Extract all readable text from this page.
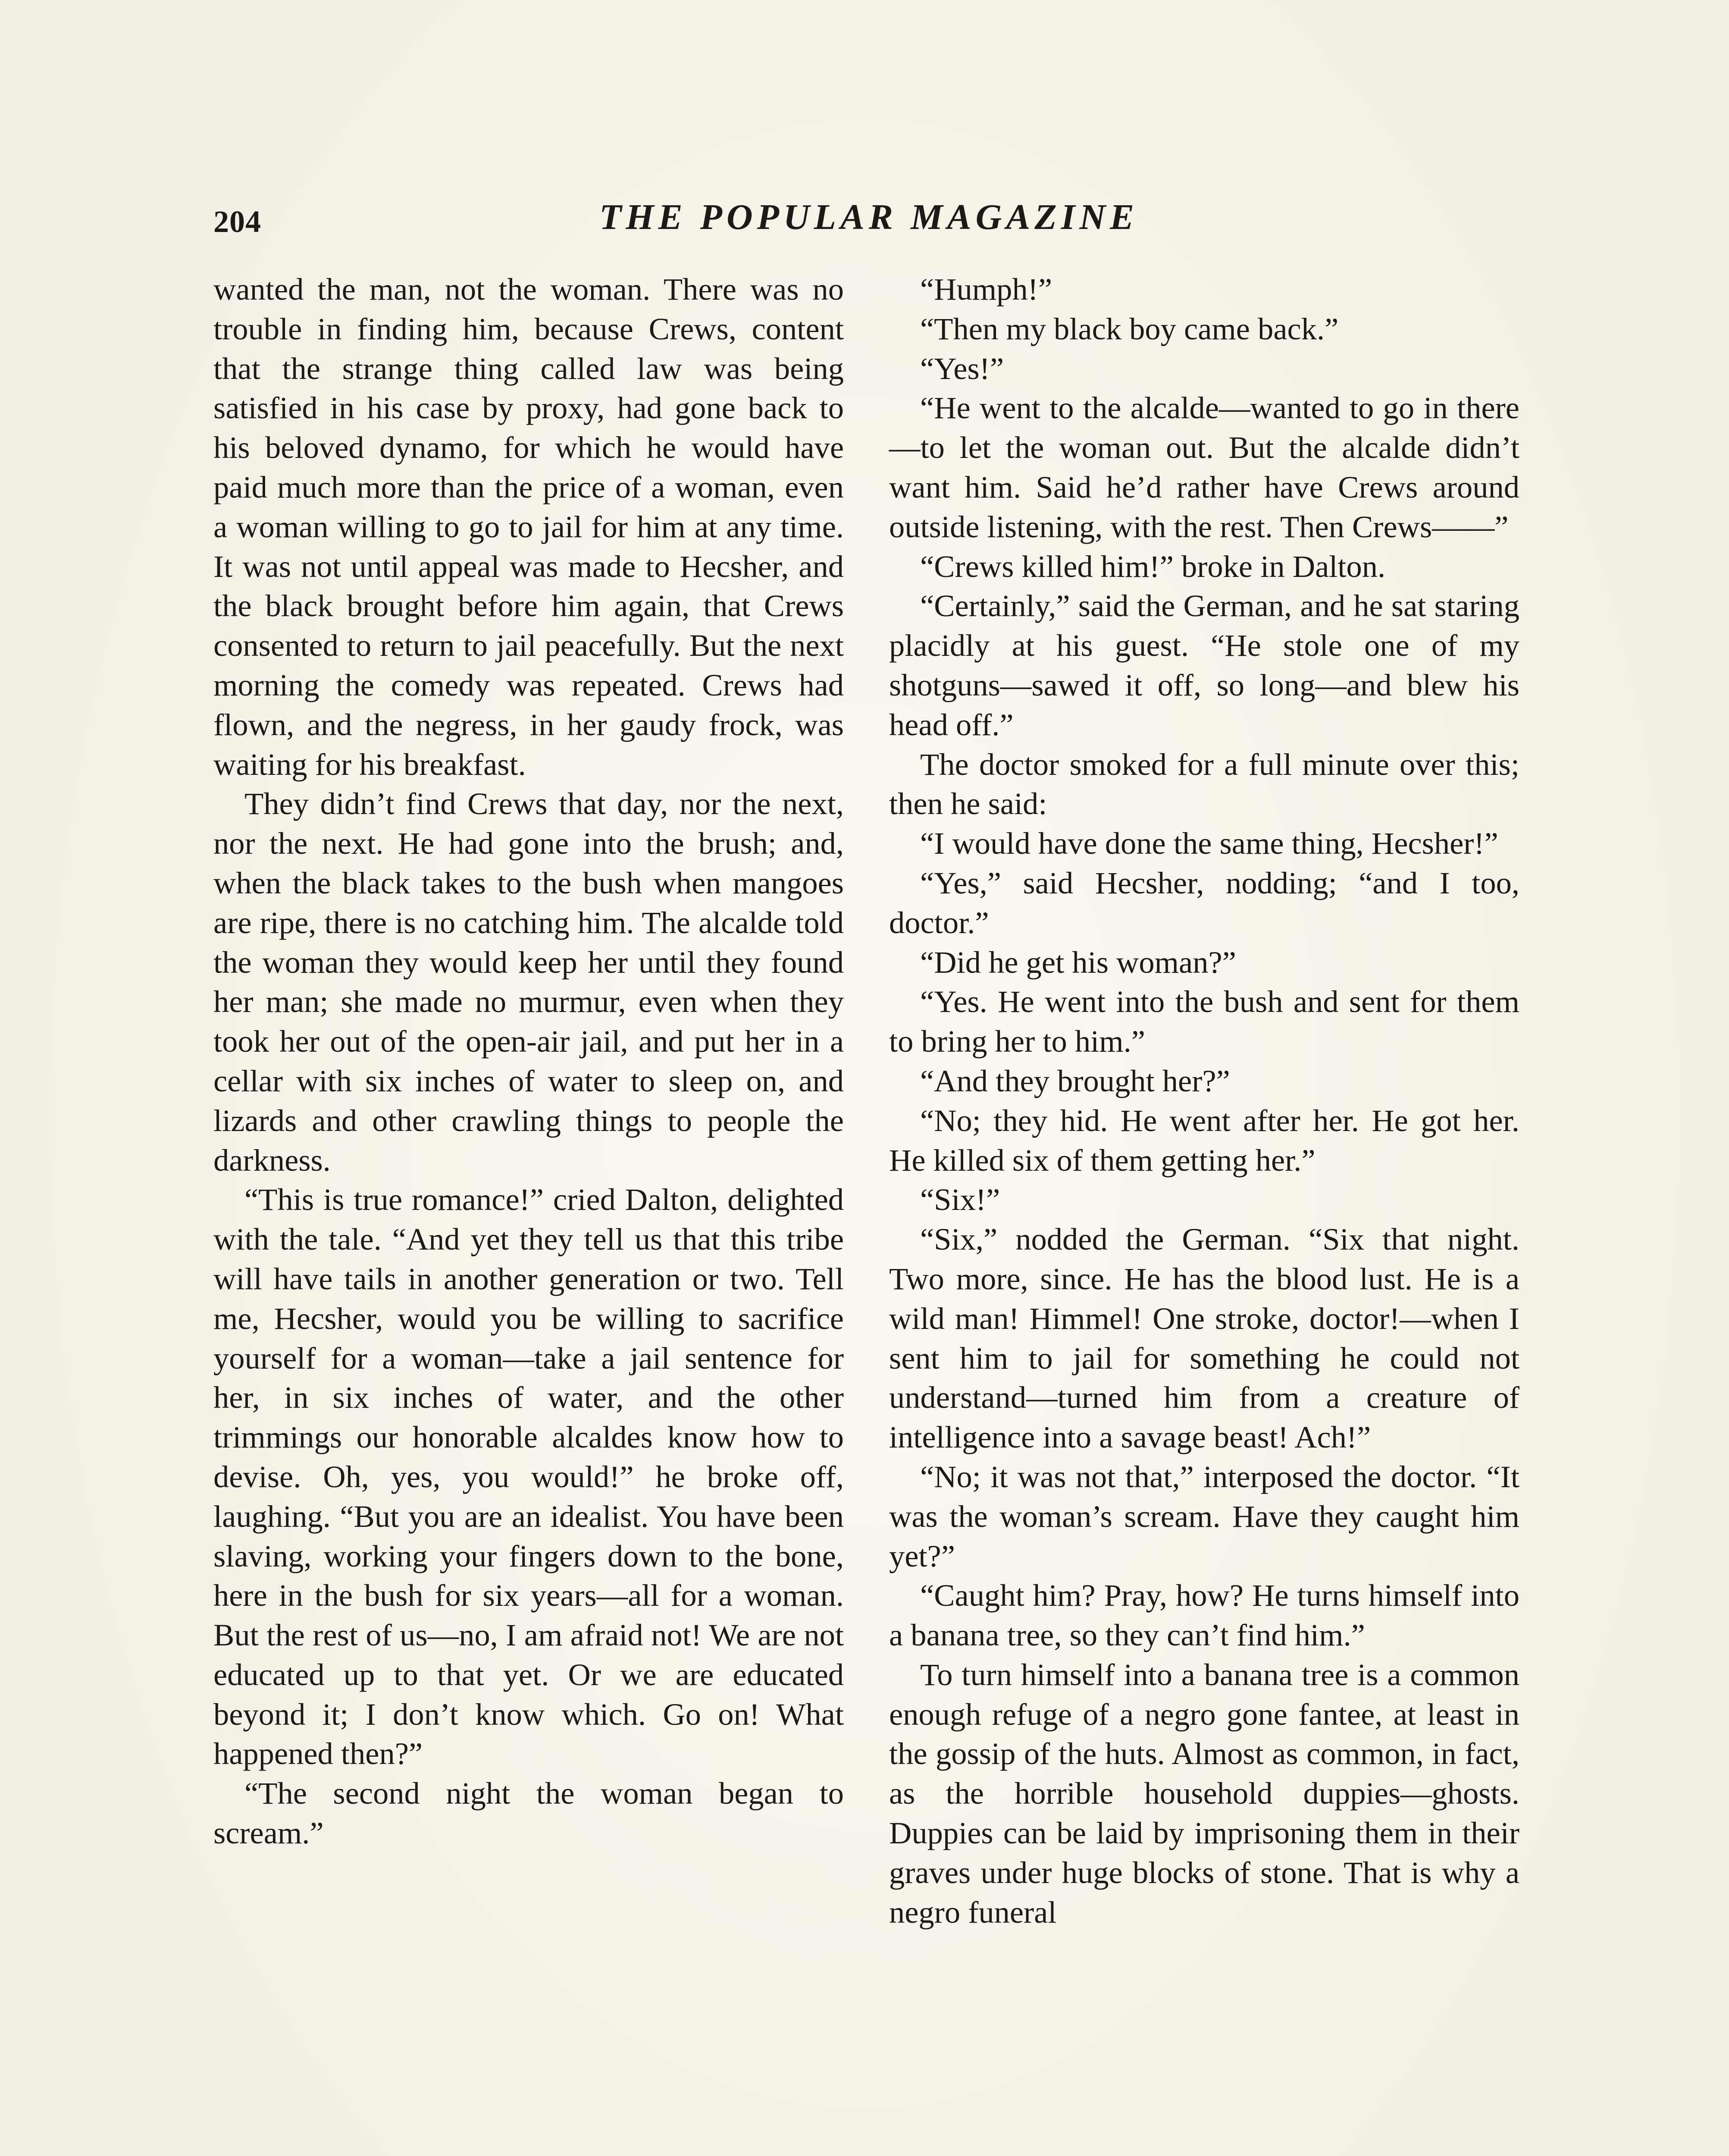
204	THE POPULAR MAGAZINE

wanted the man, not the woman. There was no trouble in finding him, because Crews, content that the strange thing called law was being satisfied in his case by proxy, had gone back to his beloved dynamo, for which he would have paid much more than the price of a woman, even a woman willing to go to jail for him at any time. It was not until appeal was made to Hecsher, and the black brought before him again, that Crews consented to return to jail peacefully. But the next morning the comedy was repeated. Crews had flown, and the negress, in her gaudy frock, was waiting for his breakfast.

They didn’t find Crews that day, nor the next, nor the next. He had gone into the brush; and, when the black takes to the bush when mangoes are ripe, there is no catching him. The alcalde told the woman they would keep her until they found her man; she made no murmur, even when they took her out of the open-air jail, and put her in a cellar with six inches of water to sleep on, and lizards and other crawling things to people the darkness.

“This is true romance!” cried Dalton, delighted with the tale. “And yet they tell us that this tribe will have tails in another generation or two. Tell me, Hecsher, would you be willing to sacrifice yourself for a woman—take a jail sentence for her, in six inches of water, and the other trimmings our honorable alcaldes know how to devise. Oh, yes, you would!” he broke off, laughing. “But you are an idealist. You have been slaving, working your fingers down to the bone, here in the bush for six years—all for a woman. But the rest of us—no, I am afraid not! We are not educated up to that yet. Or we are educated beyond it; I don’t know which. Go on! What happened then?”

“The second night the woman began to scream.”

“Humph!”

“Then my black boy came back.”

“Yes!”

“He went to the alcalde—wanted to go in there—to let the woman out. But the alcalde didn’t want him. Said he’d rather have Crews around outside listening, with the rest. Then Crews——”

“Crews killed him!” broke in Dalton.

“Certainly,” said the German, and he sat staring placidly at his guest. “He stole one of my shotguns—sawed it off, so long—and blew his head off.”

The doctor smoked for a full minute over this; then he said:

“I would have done the same thing, Hecsher!”

“Yes,” said Hecsher, nodding; “and I too, doctor.”

“Did he get his woman?”

“Yes. He went into the bush and sent for them to bring her to him.”

“And they brought her?”

“No; they hid. He went after her. He got her. He killed six of them getting her.”

“Six!”

“Six,” nodded the German. “Six that night. Two more, since. He has the blood lust. He is a wild man! Himmel! One stroke, doctor!—when I sent him to jail for something he could not understand—turned him from a creature of intelligence into a savage beast! Ach!”

“No; it was not that,” interposed the doctor. “It was the woman’s scream. Have they caught him yet?”

“Caught him? Pray, how? He turns himself into a banana tree, so they can’t find him.”

To turn himself into a banana tree is a common enough refuge of a negro gone fantee, at least in the gossip of the huts. Almost as common, in fact, as the horrible household duppies—ghosts. Duppies can be laid by imprisoning them in their graves under huge blocks of stone. That is why a negro funeral
